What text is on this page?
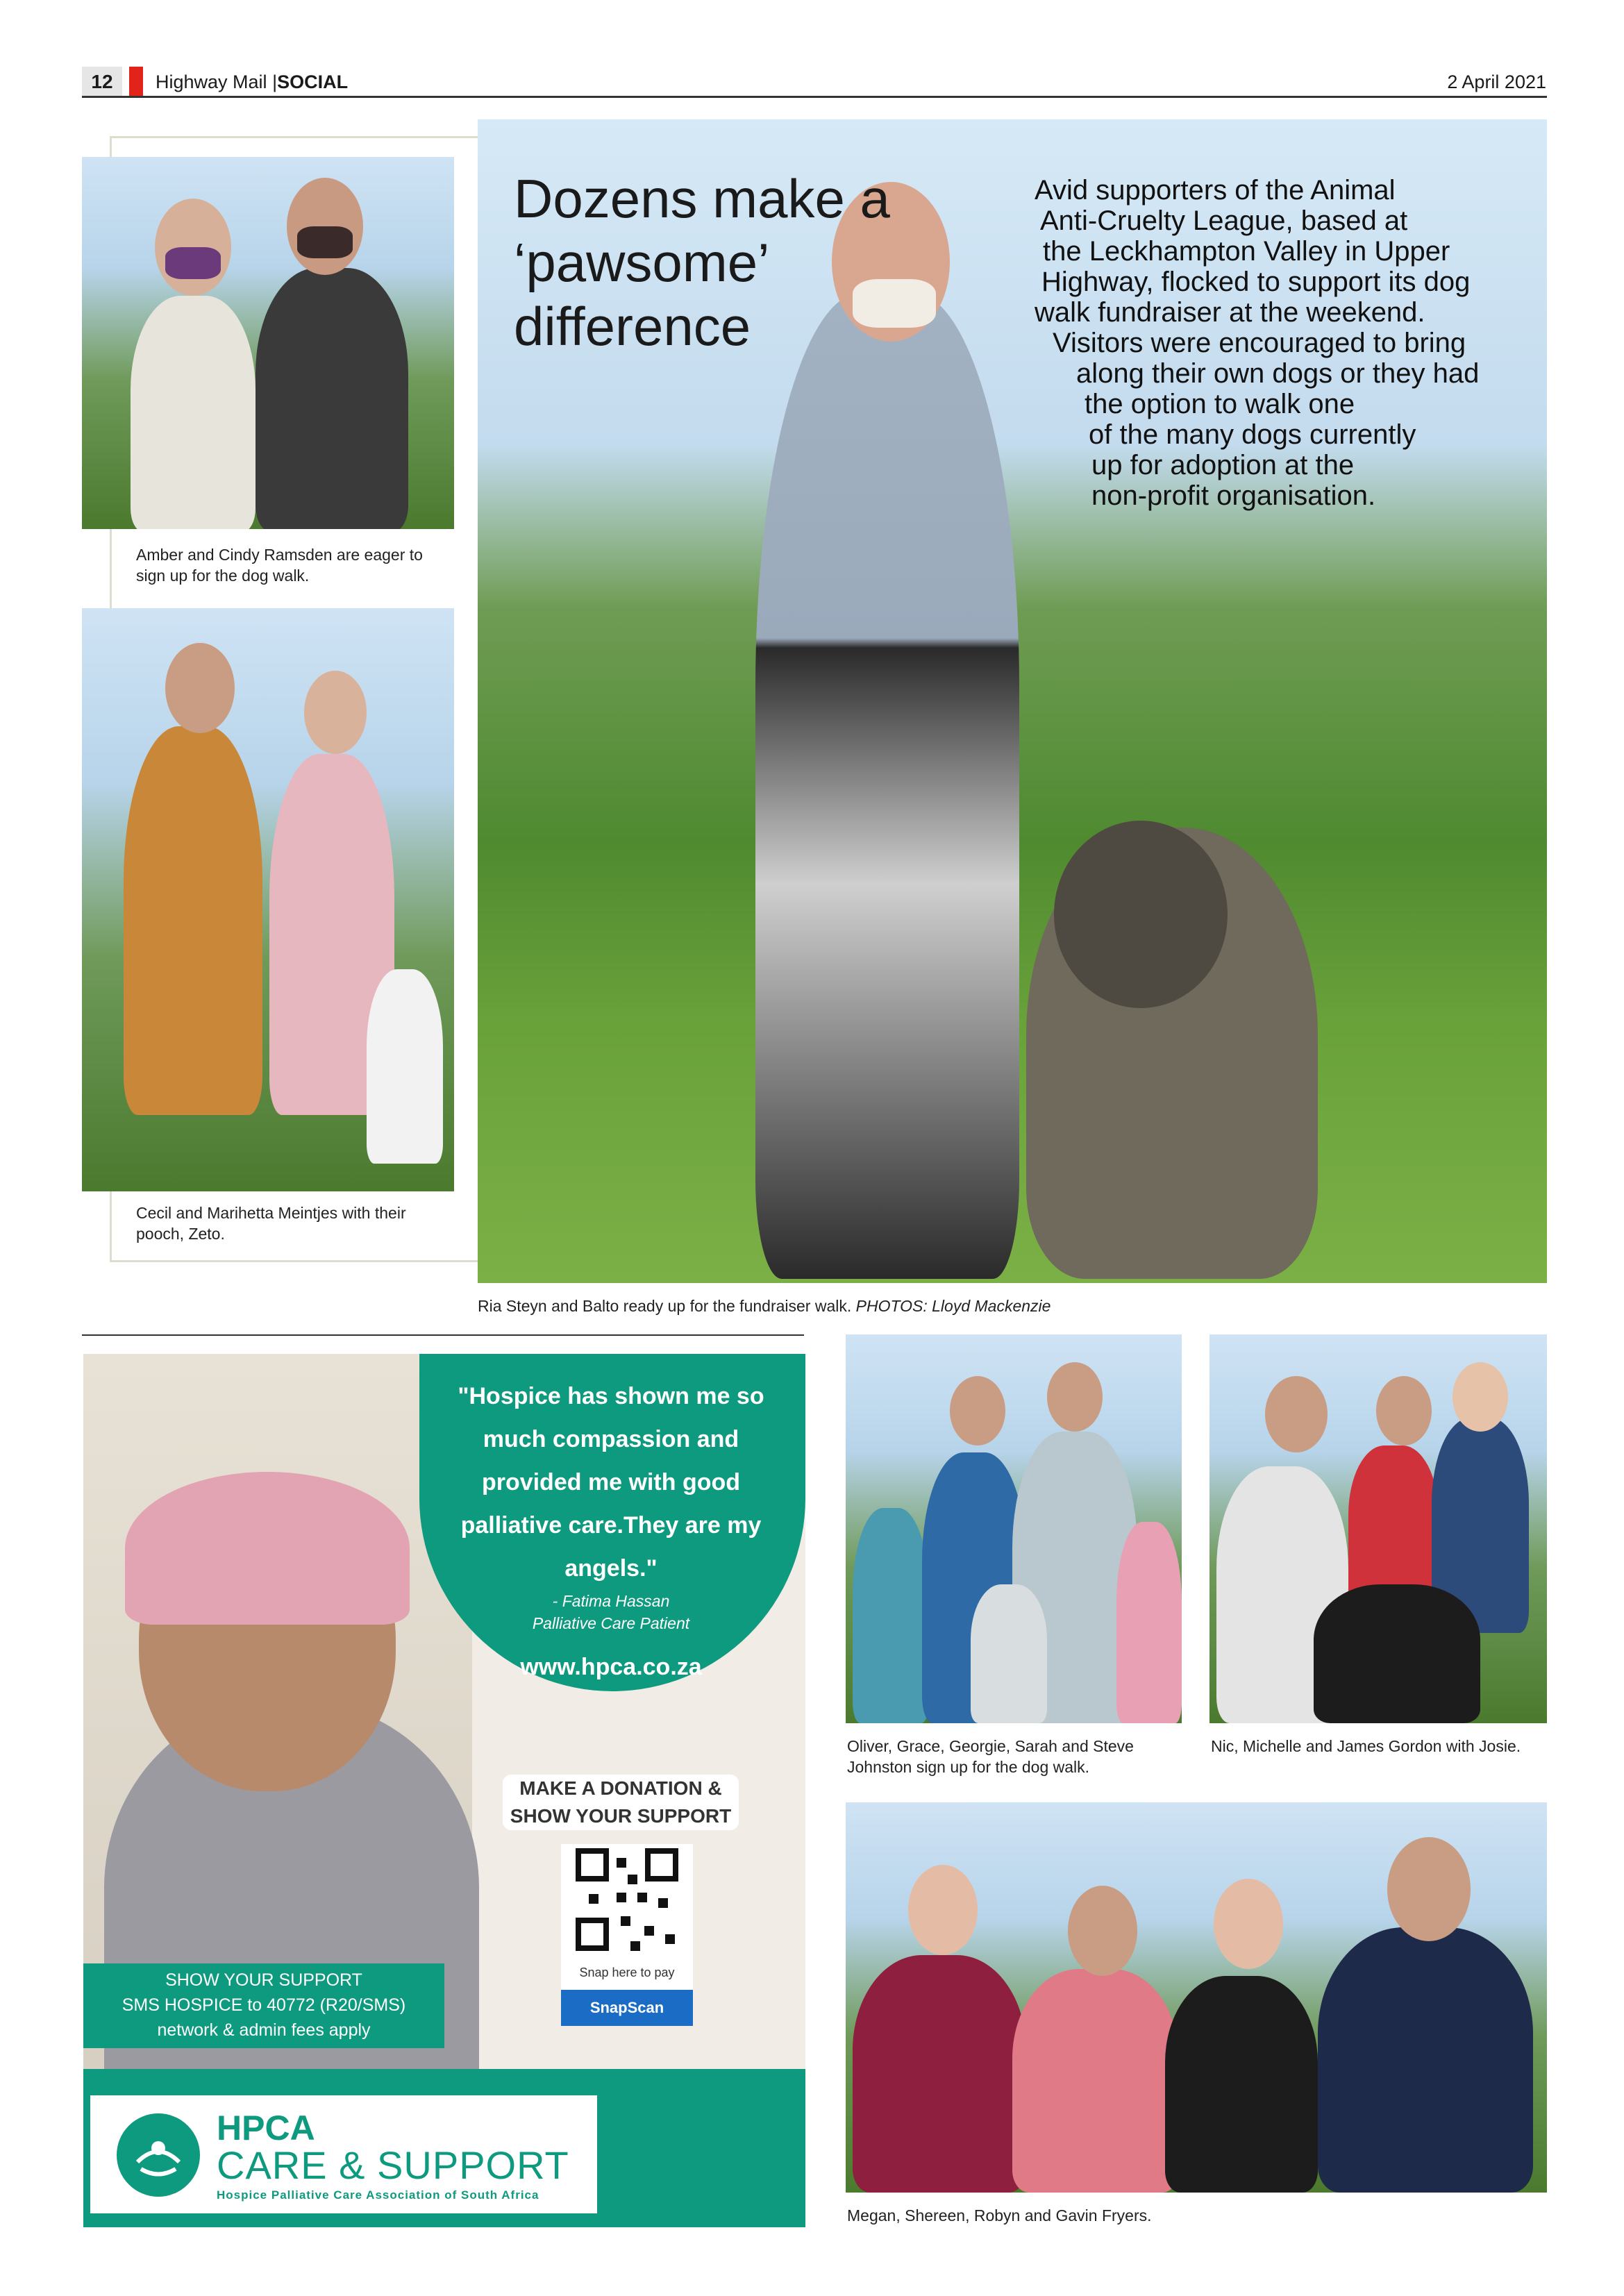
12	Highway Mail |SOCIAL	2 April 2021
Amber and Cindy Ramsden are eager to sign up for the dog walk.
Cecil and Marihetta Meintjes with their pooch, Zeto.
Dozens make a ‘pawsome’ difference

Avid supporters of the Animal

Anti-Cruelty League, based at

the Leckhampton Valley in Upper

Highway, flocked to support its dog

walk fundraiser at the weekend.

Visitors were encouraged to bring

along their own dogs or they had

the option to walk one

of the many dogs currently

up for adoption at the

non-profit organisation.

Ria Steyn and Balto ready up for the fundraiser walk. PHOTOS: Lloyd Mackenzie
"Hospice has shown me so much compassion and provided me with good palliative care.They are my angels."
- Fatima Hassan
Palliative Care Patient
www.hpca.co.za
MAKE A DONATION & SHOW YOUR SUPPORT
Snap here to pay
SnapScan
SHOW YOUR SUPPORT
SMS HOSPICE to 40772 (R20/SMS)
network & admin fees apply
HPCA
CARE & SUPPORT
Hospice Palliative Care Association of South Africa
Oliver, Grace, Georgie, Sarah and Steve Johnston sign up for the dog walk.
Nic, Michelle and James Gordon with Josie.
Megan, Shereen, Robyn and Gavin Fryers.
